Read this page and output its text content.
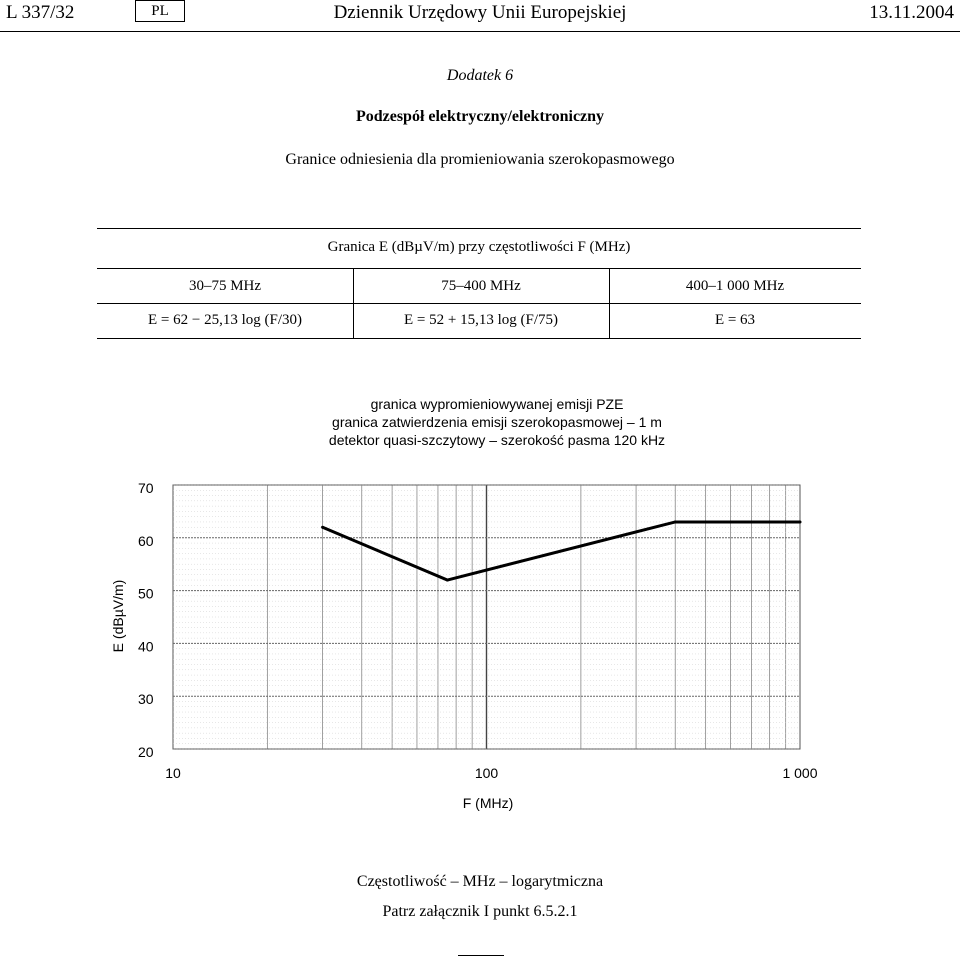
L 337/32	PL	Dziennik Urzędowy Unii Europejskiej	13.11.2004
Dodatek 6
Podzespół elektryczny/elektroniczny
Granice odniesienia dla promieniowania szerokopasmowego
Granica E (dBµV/m) przy częstotliwości F (MHz)
30–75 MHz	75–400 MHz	400–1 000 MHz
E = 62 − 25,13 log (F/30)	E = 52 + 15,13 log (F/75)	E = 63
granica wypromieniowywanej emisji PZE
granica zatwierdzenia emisji szerokopasmowej – 1 m
detektor quasi-szczytowy – szerokość pasma 120 kHz
70
60
50
40
30
20
10	100	1 000
E (dBµV/m)
F (MHz)
Częstotliwość – MHz – logarytmiczna
Patrz załącznik I punkt 6.5.2.1
